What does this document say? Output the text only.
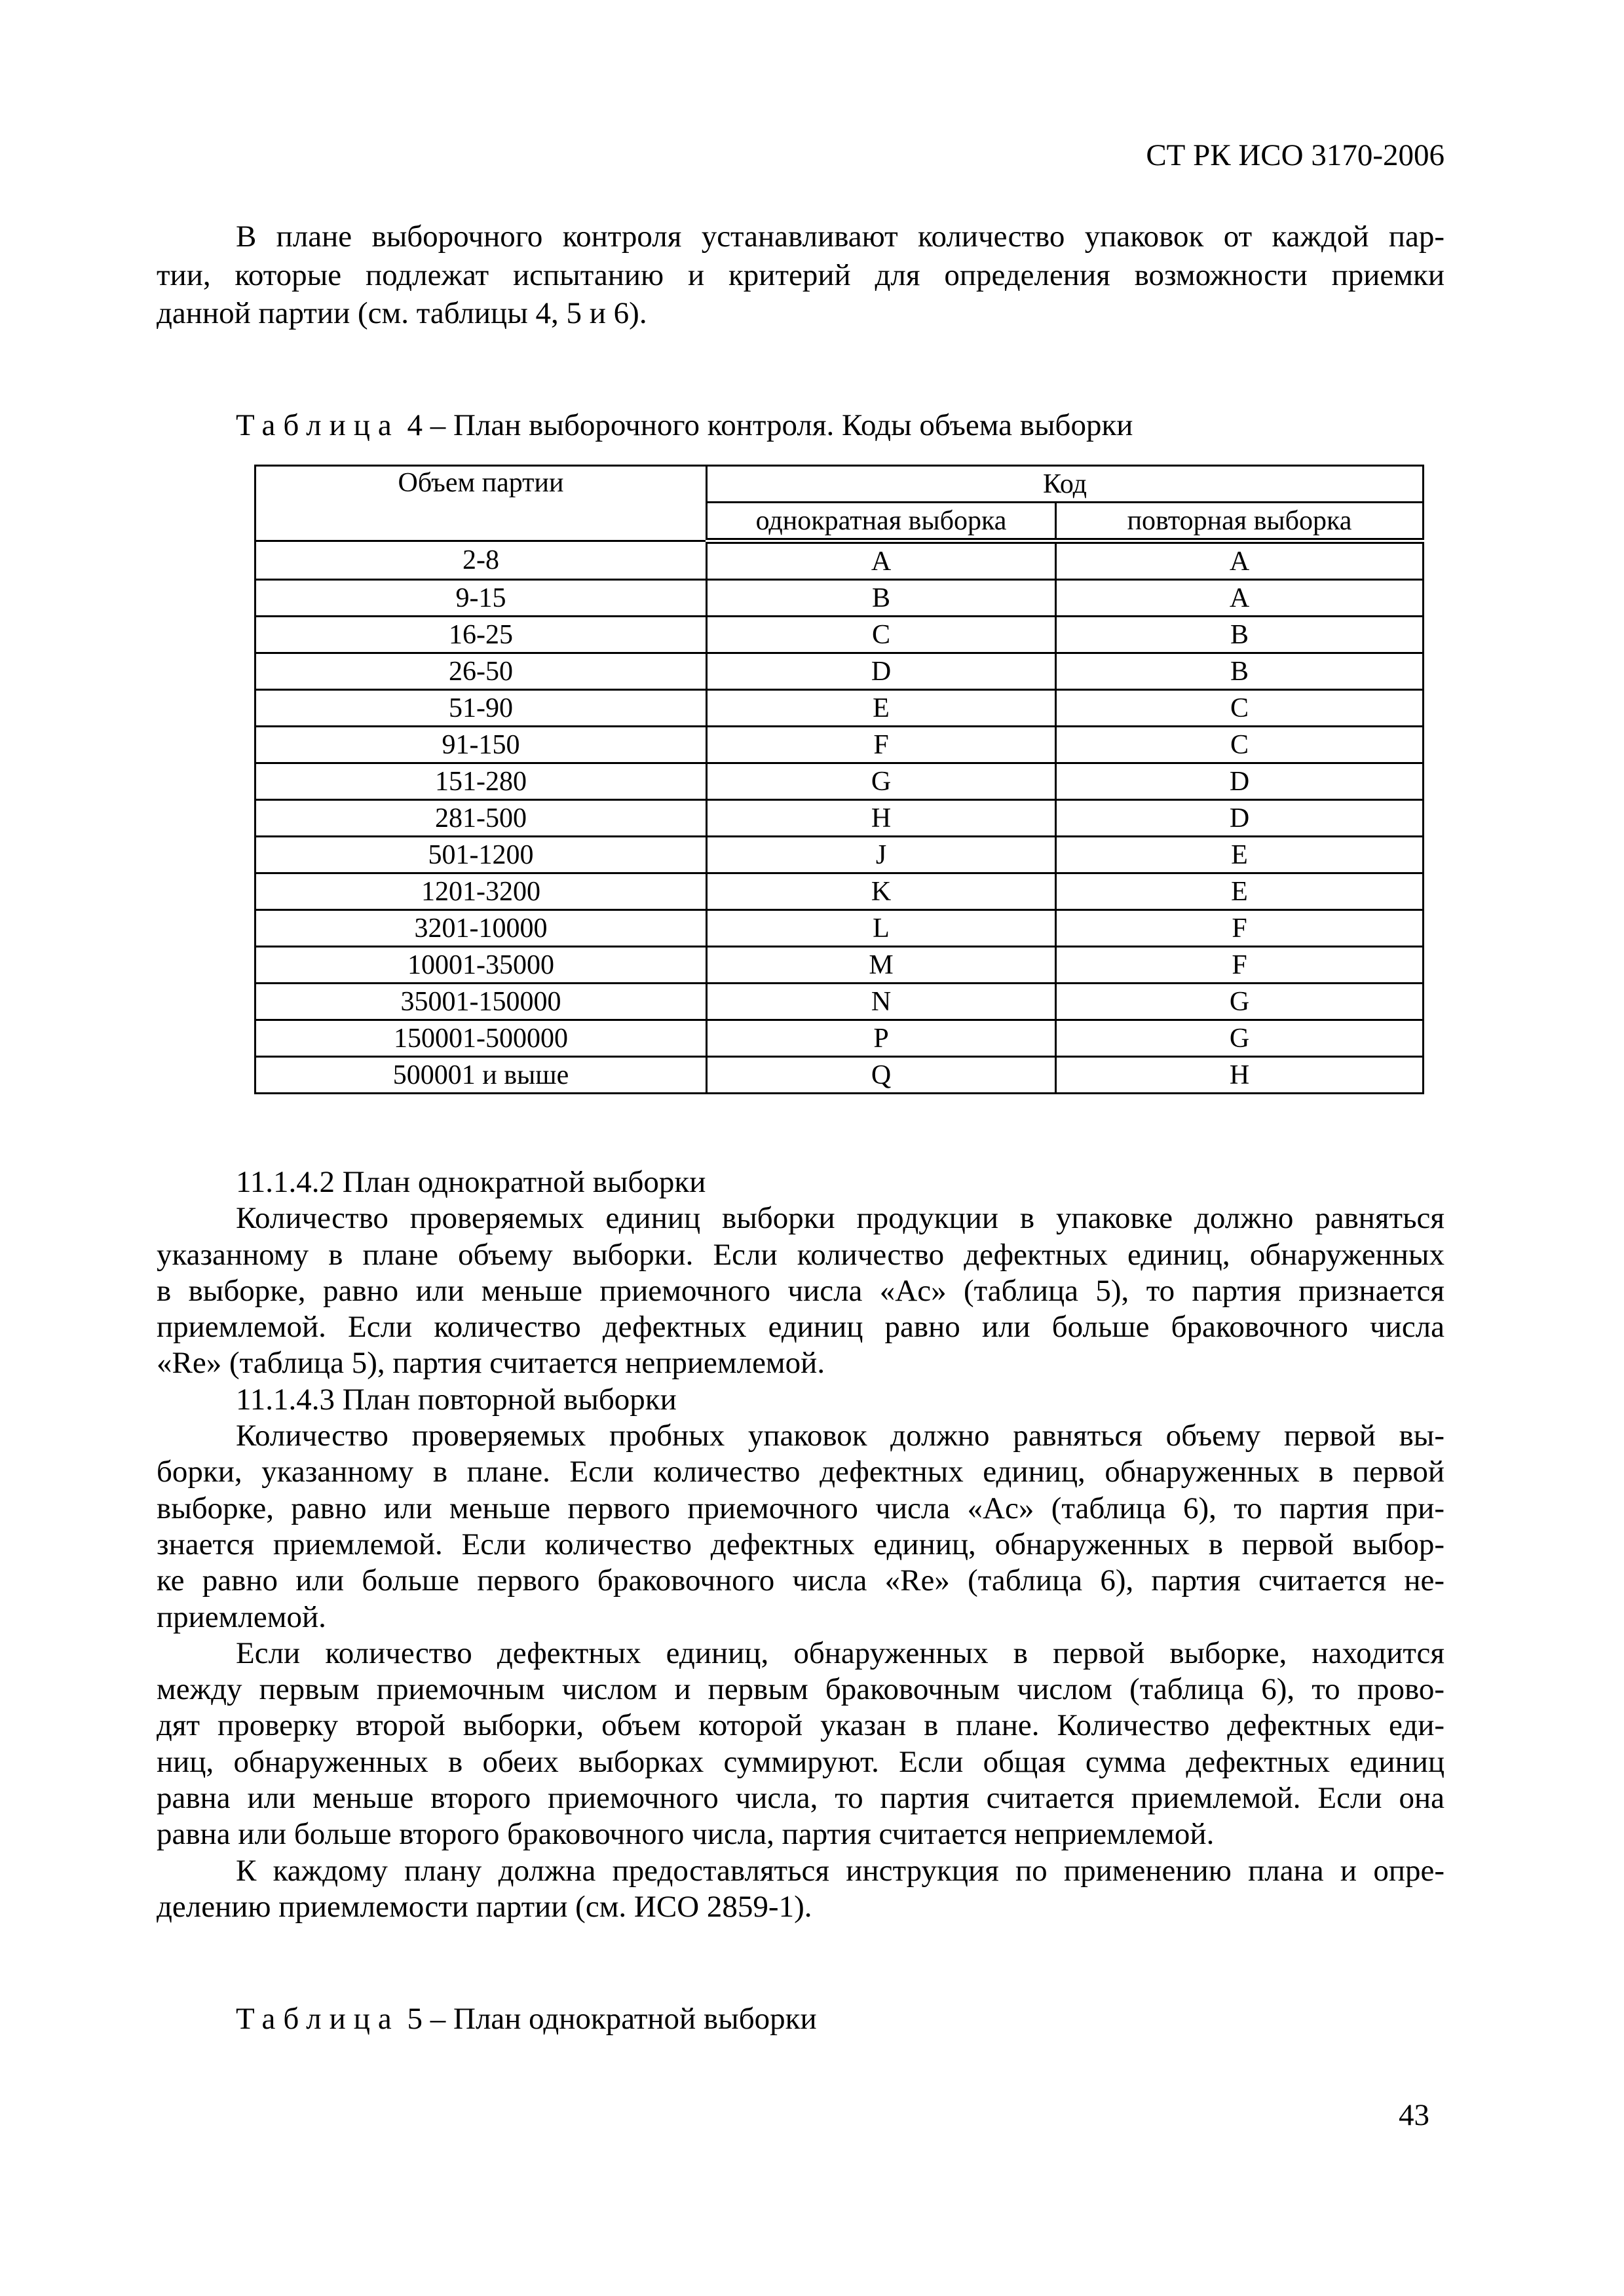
СТ РК ИСО 3170-2006
В плане выборочного контроля устанавливают количество упаковок от каждой пар-
тии, которые подлежат испытанию и критерий для определения возможности приемки
данной партии (см. таблицы 4, 5 и 6).
Таблица 4 – План выборочного контроля. Коды объема выборки
Объем партии	Код	
	однократная выборка	повторная выборка
2-8	A	A
9-15	B	A
16-25	C	B
26-50	D	B
51-90	E	C
91-150	F	C
151-280	G	D
281-500	H	D
501-1200	J	E
1201-3200	K	E
3201-10000	L	F
10001-35000	M	F
35001-150000	N	G
150001-500000	P	G
500001 и выше	Q	H
11.1.4.2 План однократной выборки
Количество проверяемых единиц выборки продукции в упаковке должно равняться
указанному в плане объему выборки. Если количество дефектных единиц, обнаруженных
в выборке, равно или меньше приемочного числа «Ac» (таблица 5), то партия признается
приемлемой. Если количество дефектных единиц равно или больше браковочного числа
«Re» (таблица 5), партия считается неприемлемой.
11.1.4.3 План повторной выборки
Количество проверяемых пробных упаковок должно равняться объему первой вы-
борки, указанному в плане. Если количество дефектных единиц, обнаруженных в первой
выборке, равно или меньше первого приемочного числа «Ac» (таблица 6), то партия при-
знается приемлемой. Если количество дефектных единиц, обнаруженных в первой выбор-
ке равно или больше первого браковочного числа «Re» (таблица 6), партия считается не-
приемлемой.
Если количество дефектных единиц, обнаруженных в первой выборке, находится
между первым приемочным числом и первым браковочным числом (таблица 6), то прово-
дят проверку второй выборки, объем которой указан в плане. Количество дефектных еди-
ниц, обнаруженных в обеих выборках суммируют. Если общая сумма дефектных единиц
равна или меньше второго приемочного числа, то партия считается приемлемой. Если она
равна или больше второго браковочного числа, партия считается неприемлемой.
К каждому плану должна предоставляться инструкция по применению плана и опре-
делению приемлемости партии (см. ИСО 2859-1).
Таблица 5 – План однократной выборки
43
